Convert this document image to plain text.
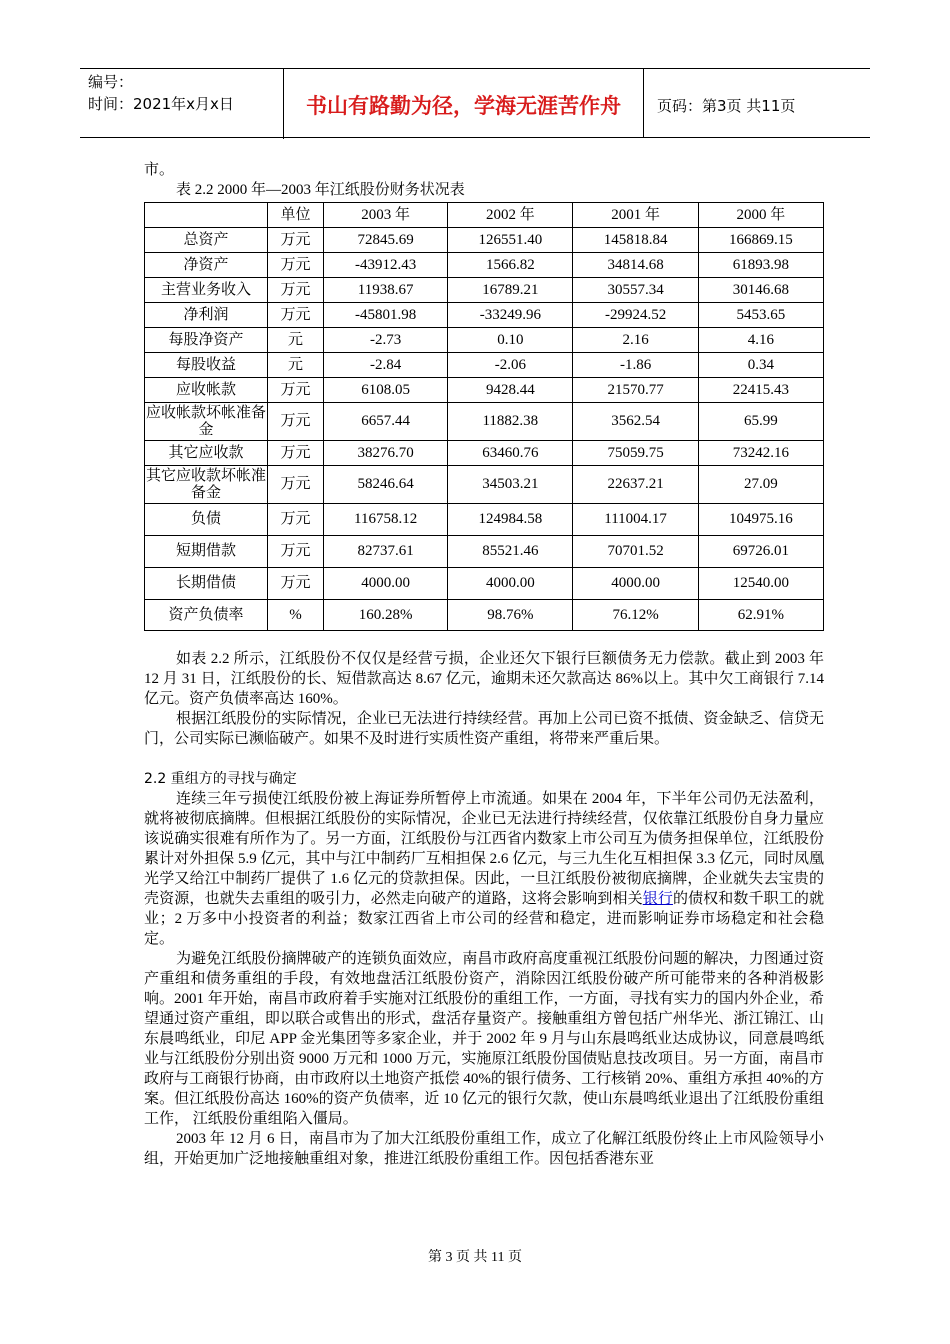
编号：
时间：2021年x月x日	书山有路勤为径，学海无涯苦作舟	页码：第3页 共11页
市。
表 2.2 2000 年—2003 年江纸股份财务状况表
	单位	2003 年	2002 年	2001 年	2000 年
总资产	万元	72845.69	126551.40	145818.84	166869.15
净资产	万元	-43912.43	1566.82	34814.68	61893.98
主营业务收入	万元	11938.67	16789.21	30557.34	30146.68
净利润	万元	-45801.98	-33249.96	-29924.52	5453.65
每股净资产	元	-2.73	0.10	2.16	4.16
每股收益	元	-2.84	-2.06	-1.86	0.34
应收帐款	万元	6108.05	9428.44	21570.77	22415.43
应收帐款坏帐准备金	万元	6657.44	11882.38	3562.54	65.99
其它应收款	万元	38276.70	63460.76	75059.75	73242.16
其它应收款坏帐准备金	万元	58246.64	34503.21	22637.21	27.09
负债	万元	116758.12	124984.58	111004.17	104975.16
短期借款	万元	82737.61	85521.46	70701.52	69726.01
长期借债	万元	4000.00	4000.00	4000.00	12540.00
资产负债率	%	160.28%	98.76%	76.12%	62.91%

如表 2.2 所示，江纸股份不仅仅是经营亏损，企业还欠下银行巨额债务无力偿款。截止到 2003 年 12 月 31 日，江纸股份的长、短借款高达 8.67 亿元，逾期未还欠款高达 86%以上。其中欠工商银行 7.14 亿元。资产负债率高达 160%。

根据江纸股份的实际情况，企业已无法进行持续经营。再加上公司已资不抵债、资金缺乏、信贷无门，公司实际已濒临破产。如果不及时进行实质性资产重组，将带来严重后果。

2.2 重组方的寻找与确定

连续三年亏损使江纸股份被上海证券所暂停上市流通。如果在 2004 年，下半年公司仍无法盈利，就将被彻底摘牌。但根据江纸股份的实际情况，企业已无法进行持续经营，仅依靠江纸股份自身力量应该说确实很难有所作为了。另一方面，江纸股份与江西省内数家上市公司互为债务担保单位，江纸股份累计对外担保 5.9 亿元，其中与江中制药厂互相担保 2.6 亿元，与三九生化互相担保 3.3 亿元，同时凤凰光学又给江中制药厂提供了 1.6 亿元的贷款担保。因此，一旦江纸股份被彻底摘牌，企业就失去宝贵的壳资源，也就失去重组的吸引力，必然走向破产的道路，这将会影响到相关银行的债权和数千职工的就业；2 万多中小投资者的利益；数家江西省上市公司的经营和稳定，进而影响证券市场稳定和社会稳定。

为避免江纸股份摘牌破产的连锁负面效应，南昌市政府高度重视江纸股份问题的解决，力图通过资产重组和债务重组的手段，有效地盘活江纸股份资产，消除因江纸股份破产所可能带来的各种消极影响。2001 年开始，南昌市政府着手实施对江纸股份的重组工作，一方面，寻找有实力的国内外企业，希望通过资产重组，即以联合或售出的形式，盘活存量资产。接触重组方曾包括广州华光、浙江锦江、山东晨鸣纸业，印尼 APP 金光集团等多家企业，并于 2002 年 9 月与山东晨鸣纸业达成协议，同意晨鸣纸业与江纸股份分别出资 9000 万元和 1000 万元，实施原江纸股份国债贴息技改项目。另一方面，南昌市政府与工商银行协商，由市政府以土地资产抵偿 40%的银行债务、工行核销 20%、重组方承担 40%的方案。但江纸股份高达 160%的资产负债率，近 10 亿元的银行欠款，使山东晨鸣纸业退出了江纸股份重组工作， 江纸股份重组陷入僵局。

2003 年 12 月 6 日，南昌市为了加大江纸股份重组工作，成立了化解江纸股份终止上市风险领导小组，开始更加广泛地接触重组对象，推进江纸股份重组工作。因包括香港东亚

第 3 页 共 11 页
